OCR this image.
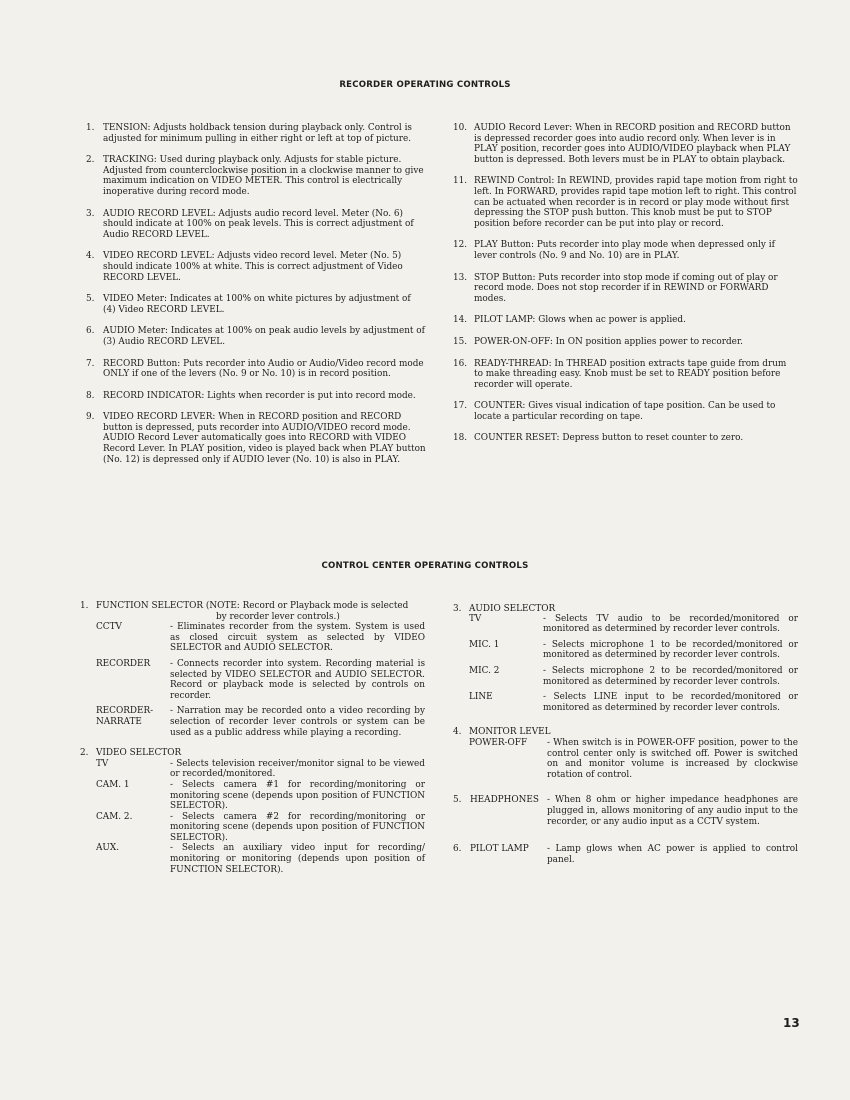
RECORDER OPERATING CONTROLS
1. TENSION: Adjusts holdback tension during playback only. Control is adjusted for minimum pulling in either right or left at top of picture.
2. TRACKING: Used during playback only. Adjusts for stable picture. Adjusted from counterclockwise position in a clockwise manner to give maximum indication on VIDEO METER. This control is electrically inoperative during record mode.
3. AUDIO RECORD LEVEL: Adjusts audio record level. Meter (No. 6) should indicate at 100% on peak levels. This is correct adjustment of Audio RECORD LEVEL.
4. VIDEO RECORD LEVEL: Adjusts video record level. Meter (No. 5) should indicate 100% at white. This is correct adjustment of Video RECORD LEVEL.
5. VIDEO Meter: Indicates at 100% on white pictures by adjustment of (4) Video RECORD LEVEL.
6. AUDIO Meter: Indicates at 100% on peak audio levels by adjustment of (3) Audio RECORD LEVEL.
7. RECORD Button: Puts recorder into Audio or Audio/Video record mode ONLY if one of the levers (No. 9 or No. 10) is in record position.
8. RECORD INDICATOR: Lights when recorder is put into record mode.
9. VIDEO RECORD LEVER: When in RECORD position and RECORD button is depressed, puts recorder into AUDIO/VIDEO record mode. AUDIO Record Lever automatically goes into RECORD with VIDEO Record Lever. In PLAY position, video is played back when PLAY button (No. 12) is depressed only if AUDIO lever (No. 10) is also in PLAY.
10. AUDIO Record Lever: When in RECORD position and RECORD button is depressed recorder goes into audio record only. When lever is in PLAY position, recorder goes into AUDIO/VIDEO playback when PLAY button is depressed. Both levers must be in PLAY to obtain playback.
11. REWIND Control: In REWIND, provides rapid tape motion from right to left. In FORWARD, provides rapid tape motion left to right. This control can be actuated when recorder is in record or play mode without first depressing the STOP push button. This knob must be put to STOP position before recorder can be put into play or record.
12. PLAY Button: Puts recorder into play mode when depressed only if lever controls (No. 9 and No. 10) are in PLAY.
13. STOP Button: Puts recorder into stop mode if coming out of play or record mode. Does not stop recorder if in REWIND or FORWARD modes.
14. PILOT LAMP: Glows when ac power is applied.
15. POWER-ON-OFF: In ON position applies power to recorder.
16. READY-THREAD: In THREAD position extracts tape guide from drum to make threading easy. Knob must be set to READY position before recorder will operate.
17. COUNTER: Gives visual indication of tape position. Can be used to locate a particular recording on tape.
18. COUNTER RESET: Depress button to reset counter to zero.
CONTROL CENTER OPERATING CONTROLS
1. FUNCTION SELECTOR (NOTE: Record or Playback mode is selected
by recorder lever controls.)
CCTV	- Eliminates recorder from the system. System is used as closed circuit system as selected by VIDEO SELECTOR and AUDIO SELECTOR.
RECORDER - Connects recorder into system. Recording material is selected by VIDEO SELECTOR and AUDIO SELECTOR. Record or playback mode is selected by controls on recorder.
RECORDER-
NARRATE
- Narration may be recorded onto a video recording by selection of recorder lever controls or system can be used as a public address while playing a recording.
2. VIDEO SELECTOR
TV	- Selects television receiver/monitor signal to be viewed or recorded/monitored.
CAM. 1	- Selects camera #1 for recording/monitoring or monitoring scene (depends upon position of FUNCTION SELECTOR).
CAM. 2.	- Selects camera #2 for recording/monitoring or monitoring scene (depends upon position of FUNCTION SELECTOR).
AUX.	- Selects an auxiliary video input for recording/ monitoring or monitoring (depends upon position of FUNCTION SELECTOR).
3. AUDIO SELECTOR
TV	- Selects TV audio to be recorded/monitored or monitored as determined by recorder lever controls.
MIC. 1	- Selects microphone 1 to be recorded/monitored or monitored as determined by recorder lever controls.
MIC. 2	- Selects microphone 2 to be recorded/monitored or monitored as determined by recorder lever controls.
LINE	- Selects LINE input to be recorded/monitored or monitored as determined by recorder lever controls.
4. MONITOR LEVEL
POWER-OFF - When switch is in POWER-OFF position, power to the control center only is switched off. Power is switched on and monitor volume is increased by clockwise rotation of control.
5. HEADPHONES - When 8 ohm or higher impedance headphones are plugged in, allows monitoring of any audio input to the recorder, or any audio input as a CCTV system.
6. PILOT LAMP - Lamp glows when AC power is applied to control panel.
13
